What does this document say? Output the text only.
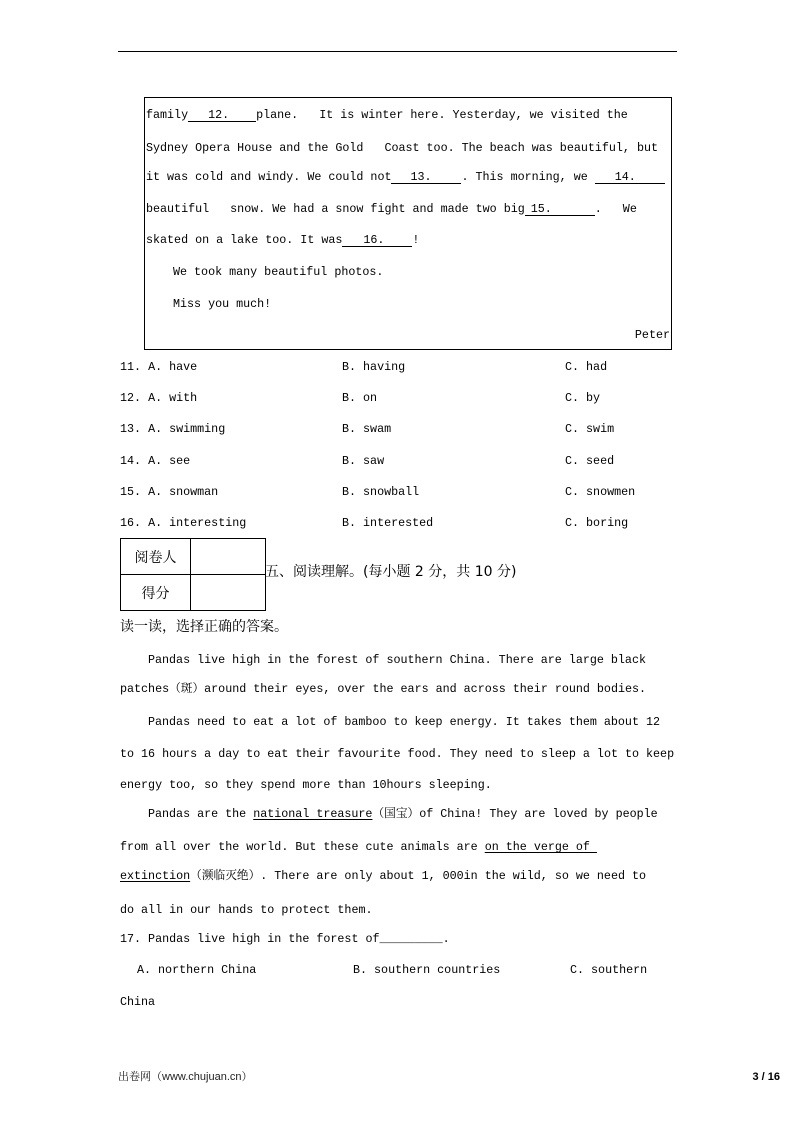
family 12. plane.   It is winter here. Yesterday, we visited the
Sydney Opera House and the Gold   Coast too. The beach was beautiful, but
it was cold and windy. We could not 13.	. This morning, we 14.
beautiful   snow. We had a snow fight and made two big 15.	.   We
skated on a lake too. It was 16. !
We took many beautiful photos.
Miss you much!
Peter
11. A. have	B. having	C. had
12. A. with	B. on	C. by
13. A. swimming	B. swam	C. swim
14. A. see	B. saw	C. seed
15. A. snowman	B. snowball	C. snowmen
16. A. interesting	B. interested	C. boring
阅卷人	
得分	
五、阅读理解。(每小题 2 分，共 10 分)
读一读，选择正确的答案。
Pandas live high in the forest of southern China. There are large black
patches（斑）around their eyes, over the ears and across their round bodies.
Pandas need to eat a lot of bamboo to keep energy. It takes them about 12
to 16 hours a day to eat their favourite food. They need to sleep a lot to keep
energy too, so they spend more than 10hours sleeping.
Pandas are the national treasure（国宝）of China! They are loved by people
from all over the world. But these cute animals are on the verge of
extinction（濒临灭绝）. There are only about 1, 000in the wild, so we need to
do all in our hands to protect them.
17. Pandas live high in the forest of_________.
A. northern China	B. southern countries	C. southern
China
出卷网（www.chujuan.cn）	3 / 16
